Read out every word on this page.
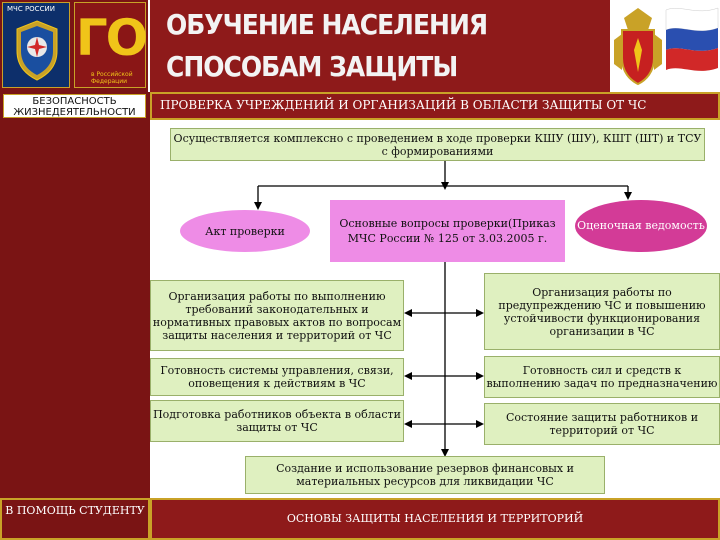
МЧС РОССИИ ГО
в Российской Федерации
ОБУЧЕНИЕ НАСЕЛЕНИЯ
СПОСОБАМ ЗАЩИТЫ
БЕЗОПАСНОСТЬ ЖИЗНЕДЕЯТЕЛЬНОСТИ
В ПОМОЩЬ СТУДЕНТУ
ПРОВЕРКА УЧРЕЖДЕНИЙ И ОРГАНИЗАЦИЙ В ОБЛАСТИ ЗАЩИТЫ ОТ ЧС
Осуществляется комплексно с проведением в ходе проверки КШУ (ШУ), КШТ (ШТ) и ТСУ с формированиями
Акт проверки
Основные вопросы проверки(Приказ МЧС России № 125 от 3.03.2005 г.
Оценочная ведомость
Организация работы по выполнению требований законодательных и нормативных правовых актов по вопросам защиты населения и территорий от ЧС
Готовность системы управления, связи, оповещения к действиям в ЧС
Подготовка работников объекта в области защиты от ЧС
Организация работы по предупреждению ЧС и повышению устойчивости функционирования организации в ЧС
Готовность сил и средств к выполнению задач по предназначению
Состояние защиты работников и территорий от ЧС
Создание и использование резервов финансовых и материальных ресурсов для ликвидации ЧС
ОСНОВЫ ЗАЩИТЫ НАСЕЛЕНИЯ И ТЕРРИТОРИЙ
